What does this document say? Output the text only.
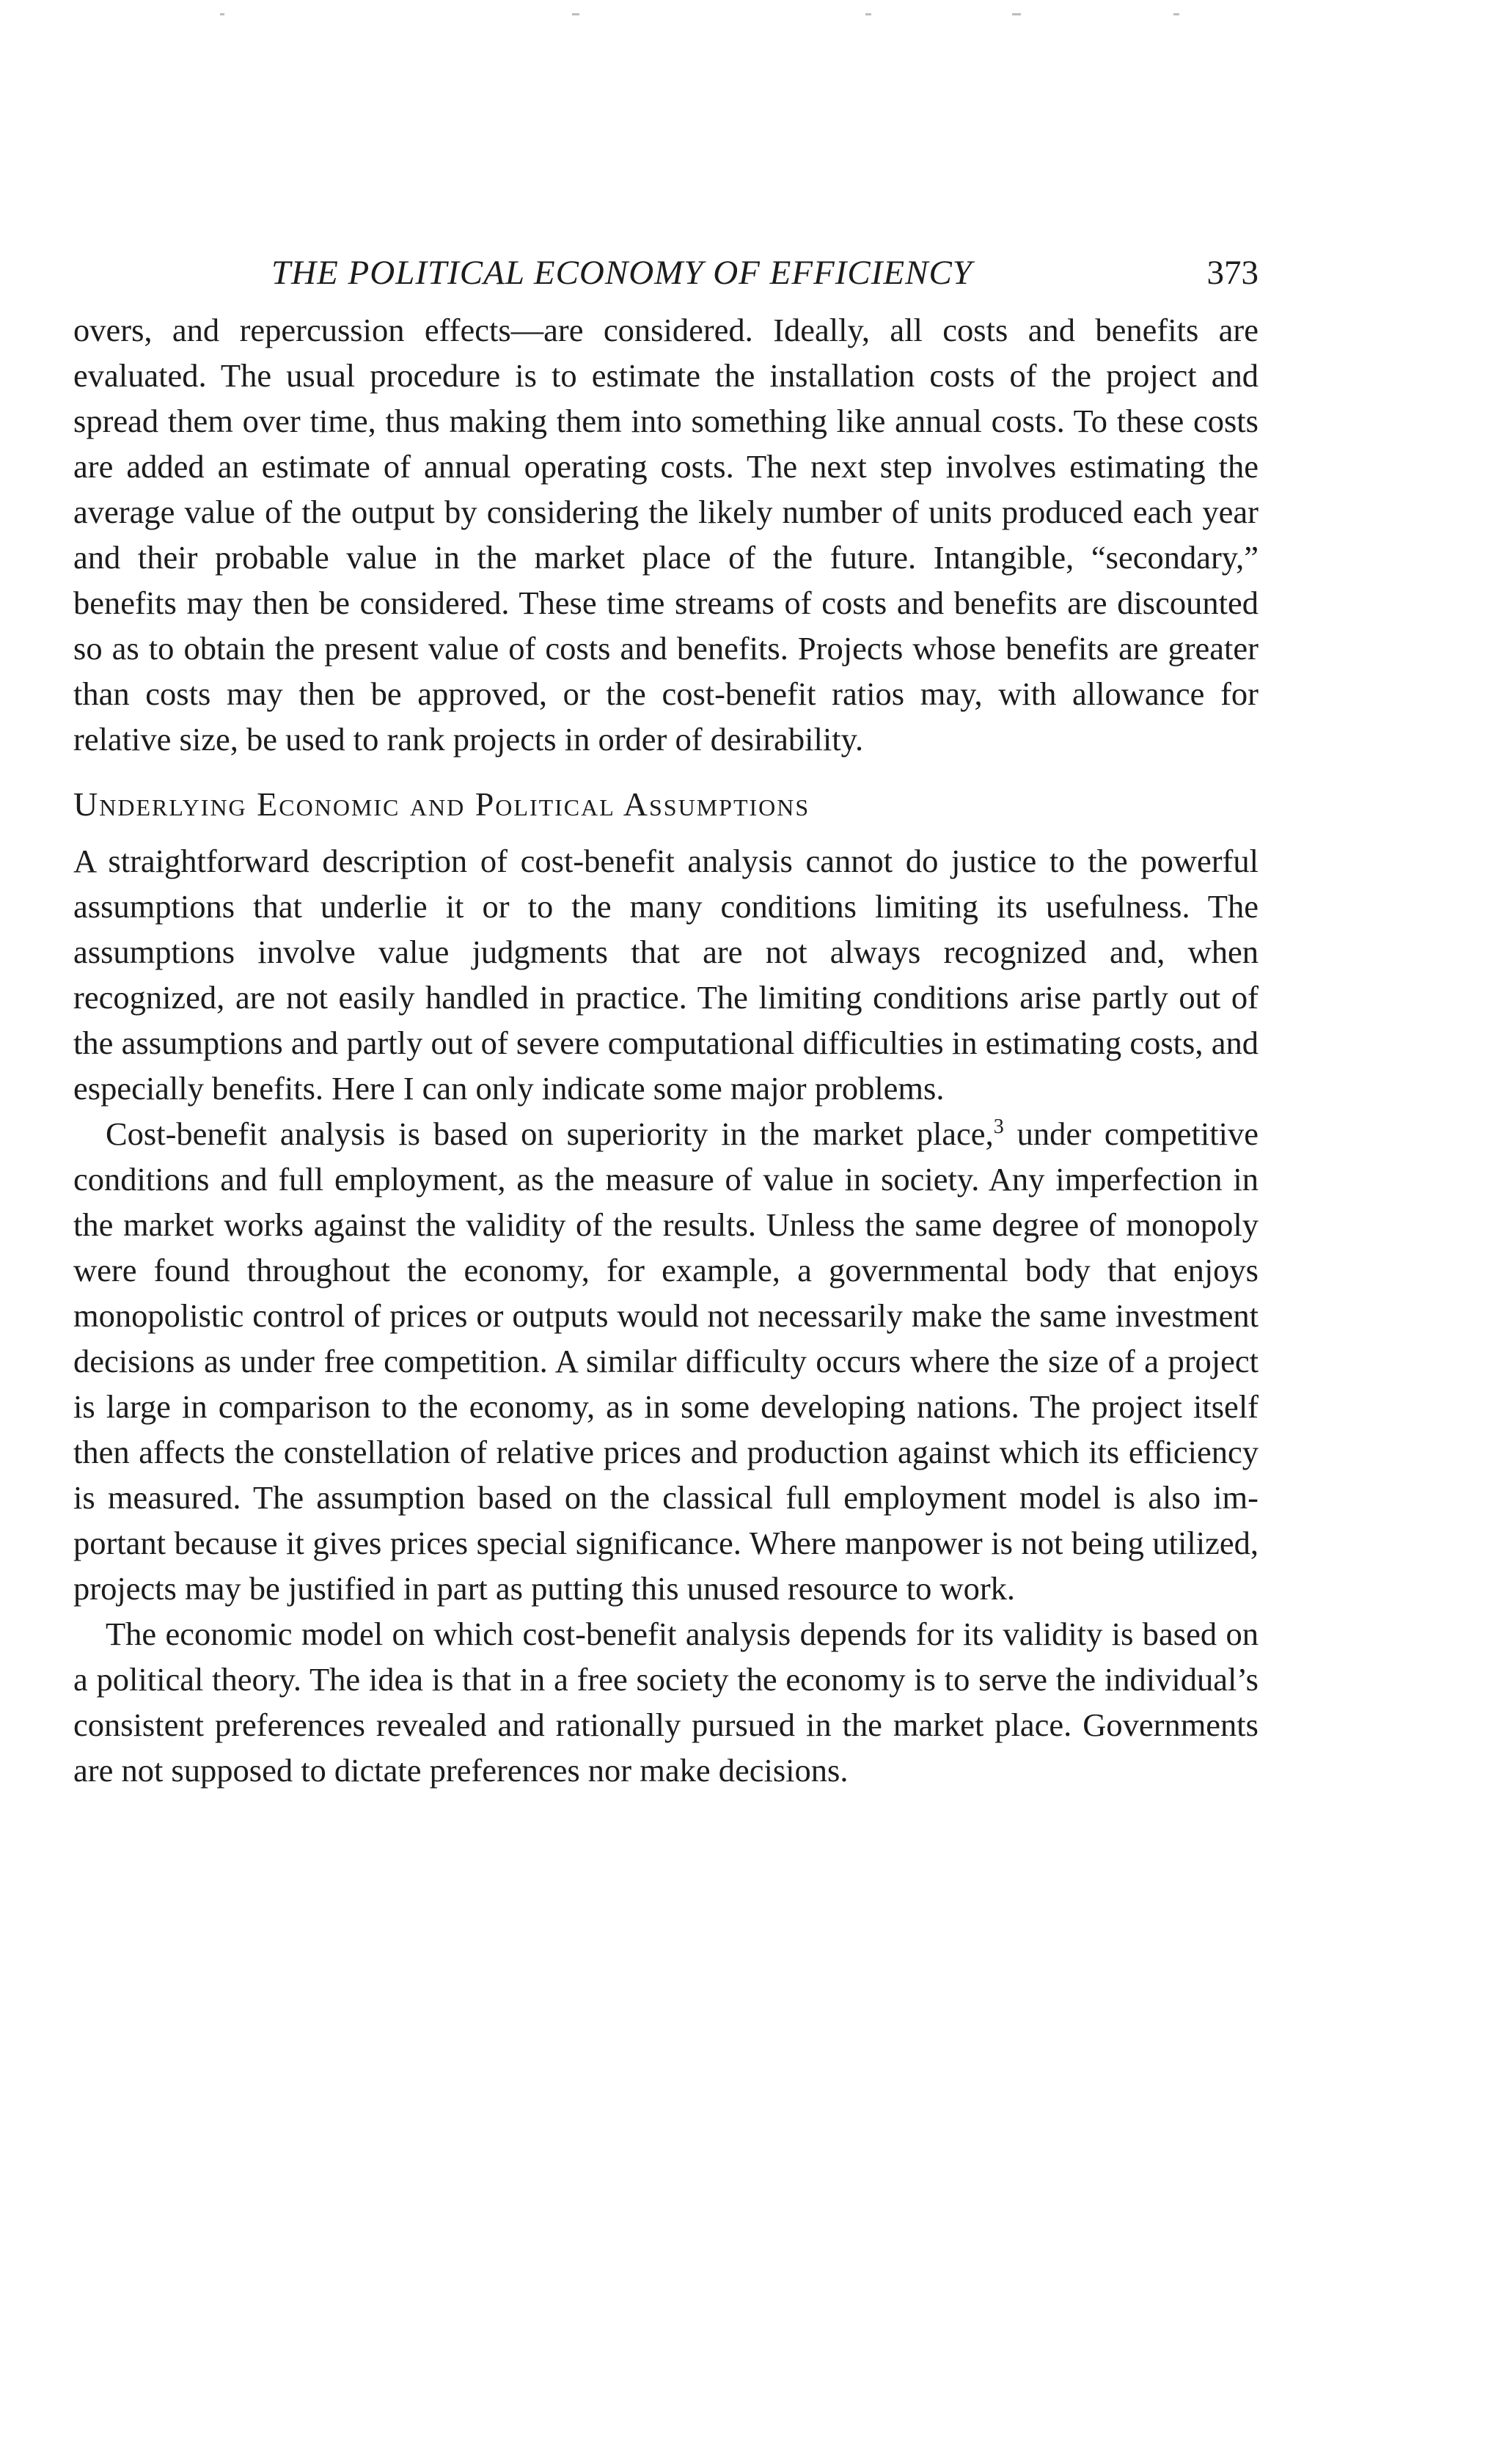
THE POLITICAL ECONOMY OF EFFICIENCY	373

overs, and repercussion effects—are considered. Ideally, all costs and benefits are evaluated. The usual procedure is to estimate the installation costs of the project and spread them over time, thus making them into something like annual costs. To these costs are added an estimate of annual operating costs. The next step involves estimating the average value of the output by considering the likely number of units produced each year and their probable value in the market place of the future. Intangible, “secondary,” benefits may then be considered. These time streams of costs and benefits are discounted so as to obtain the present value of costs and benefits. Projects whose benefits are greater than costs may then be approved, or the cost-benefit ratios may, with allowance for relative size, be used to rank projects in order of desirability.

Underlying Economic and Political Assumptions

A straightforward description of cost-benefit analysis cannot do justice to the powerful assumptions that underlie it or to the many conditions limiting its usefulness. The assumptions involve value judgments that are not always recognized and, when recognized, are not easily handled in practice. The limiting conditions arise partly out of the assumptions and partly out of severe computational difficulties in estimating costs, and especially benefits. Here I can only indicate some major problems.

Cost-benefit analysis is based on superiority in the market place,$^3$ under competitive conditions and full employment, as the measure of value in society. Any imperfection in the market works against the validity of the results. Unless the same degree of monopoly were found throughout the economy, for example, a governmental body that enjoys monopolistic control of prices or outputs would not necessarily make the same investment decisions as under free competition. A similar difficulty occurs where the size of a project is large in comparison to the economy, as in some developing nations. The project itself then affects the constellation of relative prices and production against which its efficiency is measured. The assumption based on the classical full employment model is also important because it gives prices special significance. Where manpower is not being utilized, projects may be justified in part as putting this unused resource to work.

The economic model on which cost-benefit analysis depends for its validity is based on a political theory. The idea is that in a free society the economy is to serve the individual’s consistent preferences revealed and rationally pursued in the market place. Governments are not supposed to dictate preferences nor make decisions.
